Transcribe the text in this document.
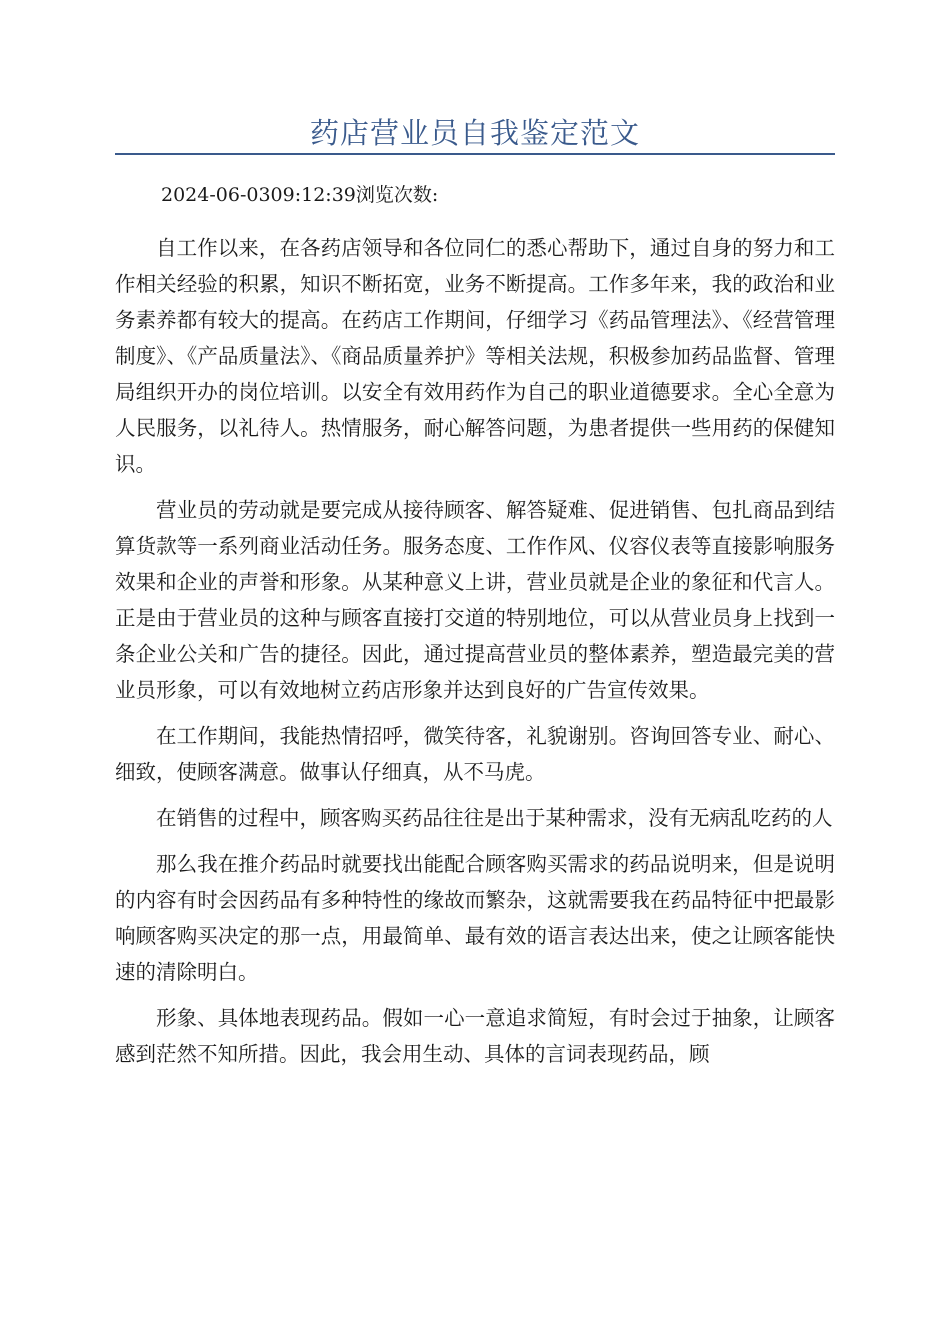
药店营业员自我鉴定范文
2024-06-0309:12:39浏览次数:

自工作以来，在各药店领导和各位同仁的悉心帮助下，通过自身的努力和工作相关经验的积累，知识不断拓宽，业务不断提高。工作多年来，我的政治和业务素养都有较大的提高。在药店工作期间，仔细学习《药品管理法》、《经营管理制度》、《产品质量法》、《商品质量养护》等相关法规，积极参加药品监督、管理局组织开办的岗位培训。以安全有效用药作为自己的职业道德要求。全心全意为人民服务，以礼待人。热情服务，耐心解答问题，为患者提供一些用药的保健知识。

营业员的劳动就是要完成从接待顾客、解答疑难、促进销售、包扎商品到结算货款等一系列商业活动任务。服务态度、工作作风、仪容仪表等直接影响服务效果和企业的声誉和形象。从某种意义上讲，营业员就是企业的象征和代言人。正是由于营业员的这种与顾客直接打交道的特别地位，可以从营业员身上找到一条企业公关和广告的捷径。因此，通过提高营业员的整体素养，塑造最完美的营业员形象，可以有效地树立药店形象并达到良好的广告宣传效果。

在工作期间，我能热情招呼，微笑待客，礼貌谢别。咨询回答专业、耐心、细致，使顾客满意。做事认仔细真，从不马虎。

在销售的过程中，顾客购买药品往往是出于某种需求，没有无病乱吃药的人

那么我在推介药品时就要找出能配合顾客购买需求的药品说明来，但是说明的内容有时会因药品有多种特性的缘故而繁杂，这就需要我在药品特征中把最影响顾客购买决定的那一点，用最简单、最有效的语言表达出来，使之让顾客能快速的清除明白。

形象、具体地表现药品。假如一心一意追求简短，有时会过于抽象，让顾客感到茫然不知所措。因此，我会用生动、具体的言词表现药品，顾
